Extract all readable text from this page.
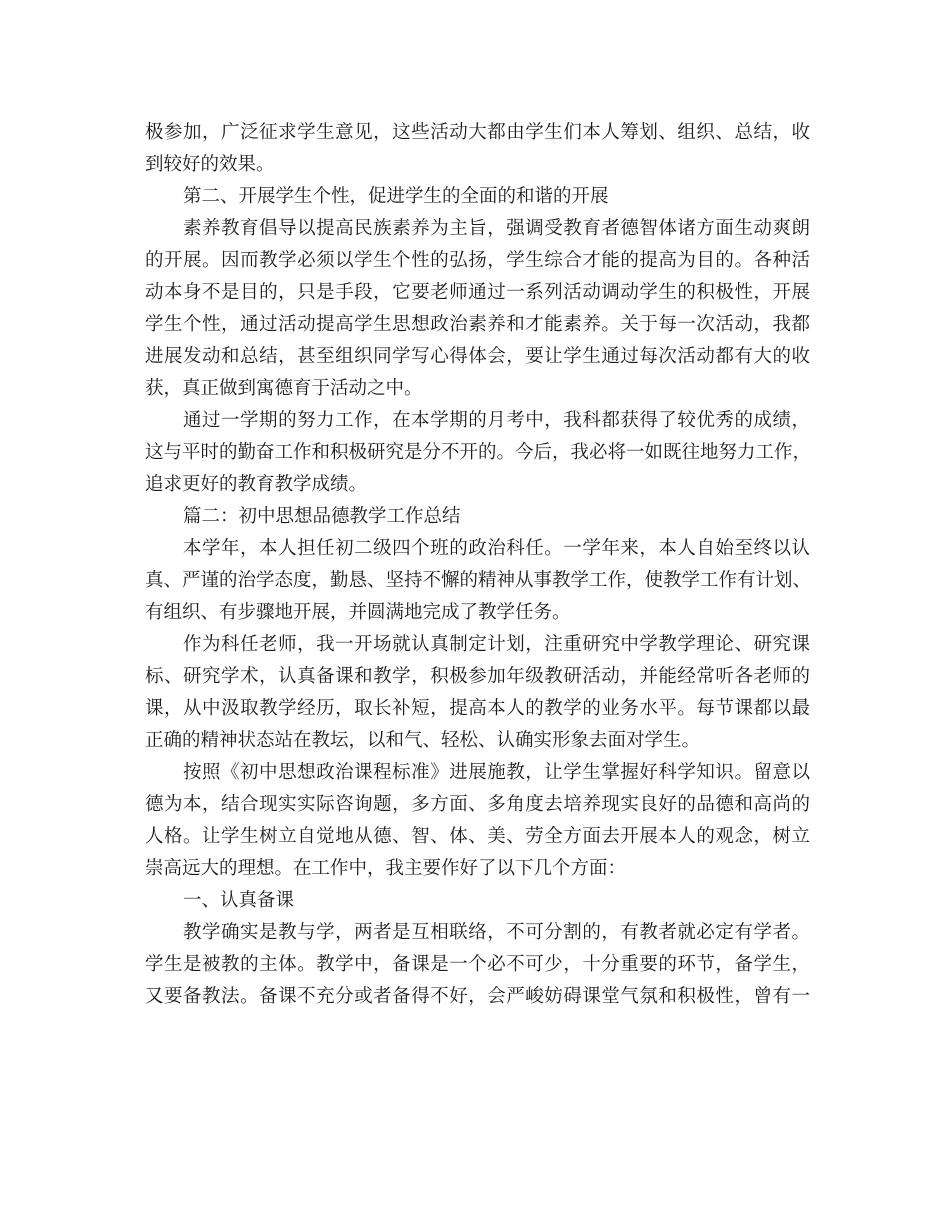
极参加，广泛征求学生意见，这些活动大都由学生们本人筹划、组织、总结，收
到较好的效果。
第二、开展学生个性，促进学生的全面的和谐的开展
素养教育倡导以提高民族素养为主旨，强调受教育者德智体诸方面生动爽朗
的开展。因而教学必须以学生个性的弘扬，学生综合才能的提高为目的。各种活
动本身不是目的，只是手段，它要老师通过一系列活动调动学生的积极性，开展
学生个性，通过活动提高学生思想政治素养和才能素养。关于每一次活动，我都
进展发动和总结，甚至组织同学写心得体会，要让学生通过每次活动都有大的收
获，真正做到寓德育于活动之中。
通过一学期的努力工作，在本学期的月考中，我科都获得了较优秀的成绩，
这与平时的勤奋工作和积极研究是分不开的。今后，我必将一如既往地努力工作，
追求更好的教育教学成绩。
篇二：初中思想品德教学工作总结
本学年，本人担任初二级四个班的政治科任。一学年来，本人自始至终以认
真、严谨的治学态度，勤恳、坚持不懈的精神从事教学工作，使教学工作有计划、
有组织、有步骤地开展，并圆满地完成了教学任务。
作为科任老师，我一开场就认真制定计划，注重研究中学教学理论、研究课
标、研究学术，认真备课和教学，积极参加年级教研活动，并能经常听各老师的
课，从中汲取教学经历，取长补短，提高本人的教学的业务水平。每节课都以最
正确的精神状态站在教坛，以和气、轻松、认确实形象去面对学生。
按照《初中思想政治课程标准》进展施教，让学生掌握好科学知识。留意以
德为本，结合现实实际咨询题，多方面、多角度去培养现实良好的品德和高尚的
人格。让学生树立自觉地从德、智、体、美、劳全方面去开展本人的观念，树立
崇高远大的理想。在工作中，我主要作好了以下几个方面：
一、认真备课
教学确实是教与学，两者是互相联络，不可分割的，有教者就必定有学者。
学生是被教的主体。教学中，备课是一个必不可少，十分重要的环节，备学生，
又要备教法。备课不充分或者备得不好，会严峻妨碍课堂气氛和积极性，曾有一
